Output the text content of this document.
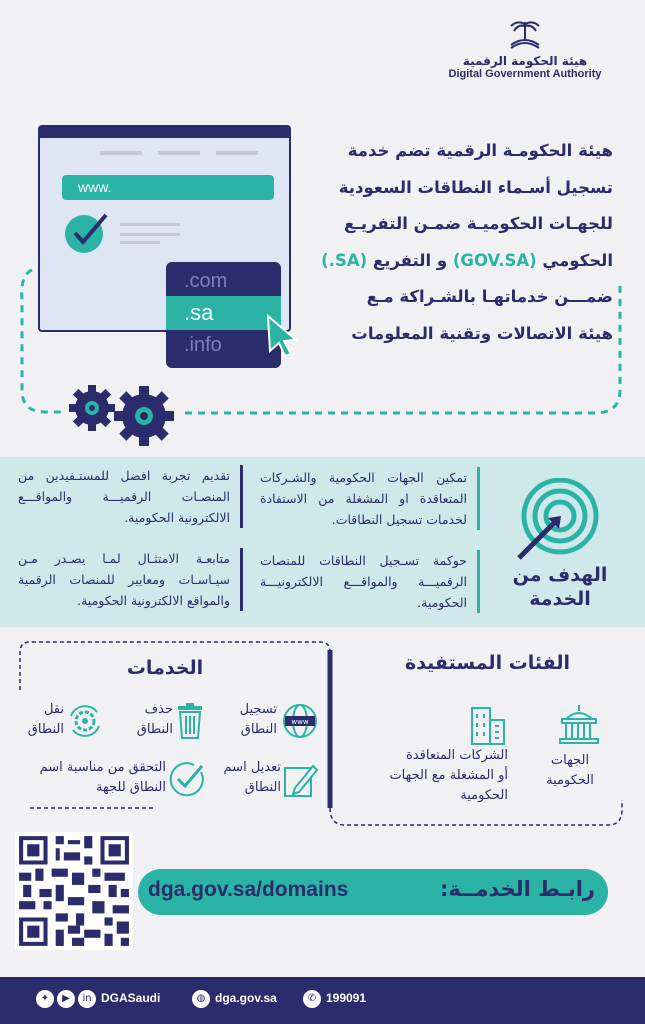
هيئة الحكومة الرقمية
Digital Government Authority
هيئة الحكومـة الرقمية تضم خدمة
تسجيل أسـماء النطاقات السعودية
للجهـات الحكوميـة ضمـن التفريـع
الحكومي (GOV.SA) و التفريع (.SA)
ضمـــن خدماتهـا بالشـراكة مـع
هيئة الاتصالات وتقنية المعلومات
www.
.com
.sa
.info
الهدف من
الخدمة
تمكين الجهات الحكومية والشـركات المتعاقدة او المشغلة من الاستفادة لخدمات تسجيل النطاقات.
تقديم تجربة افضل للمستـفيدين من المنصـات الرقميـــة والمواقـــع الالكترونية الحكومية.
حوكمة تسـجيل النطاقات للمنصات الرقميـــة والمواقـــع الالكترونيـــة الحكومية.
متابعـة الامتثـال لمـا يصـدر مـن سيـاسـات ومعايير للمنصات الرقمية والمواقع الالكترونية الحكومية.
الخدمات	الفئات المستفيدة
تسجيل
النطاق www
حذف
النطاق
نقل
النطاق
تعديل اسم
النطاق
التحقق من مناسبة اسم
النطاق للجهة
الجهات
الحكومية
الشركات المتعاقدة
أو المشغلة مع الجهات
الحكومية
dga.gov.sa/domains	رابـط الخدمــة:
✦	▶	in DGASaudi	◍ dga.gov.sa	✆ 199091
